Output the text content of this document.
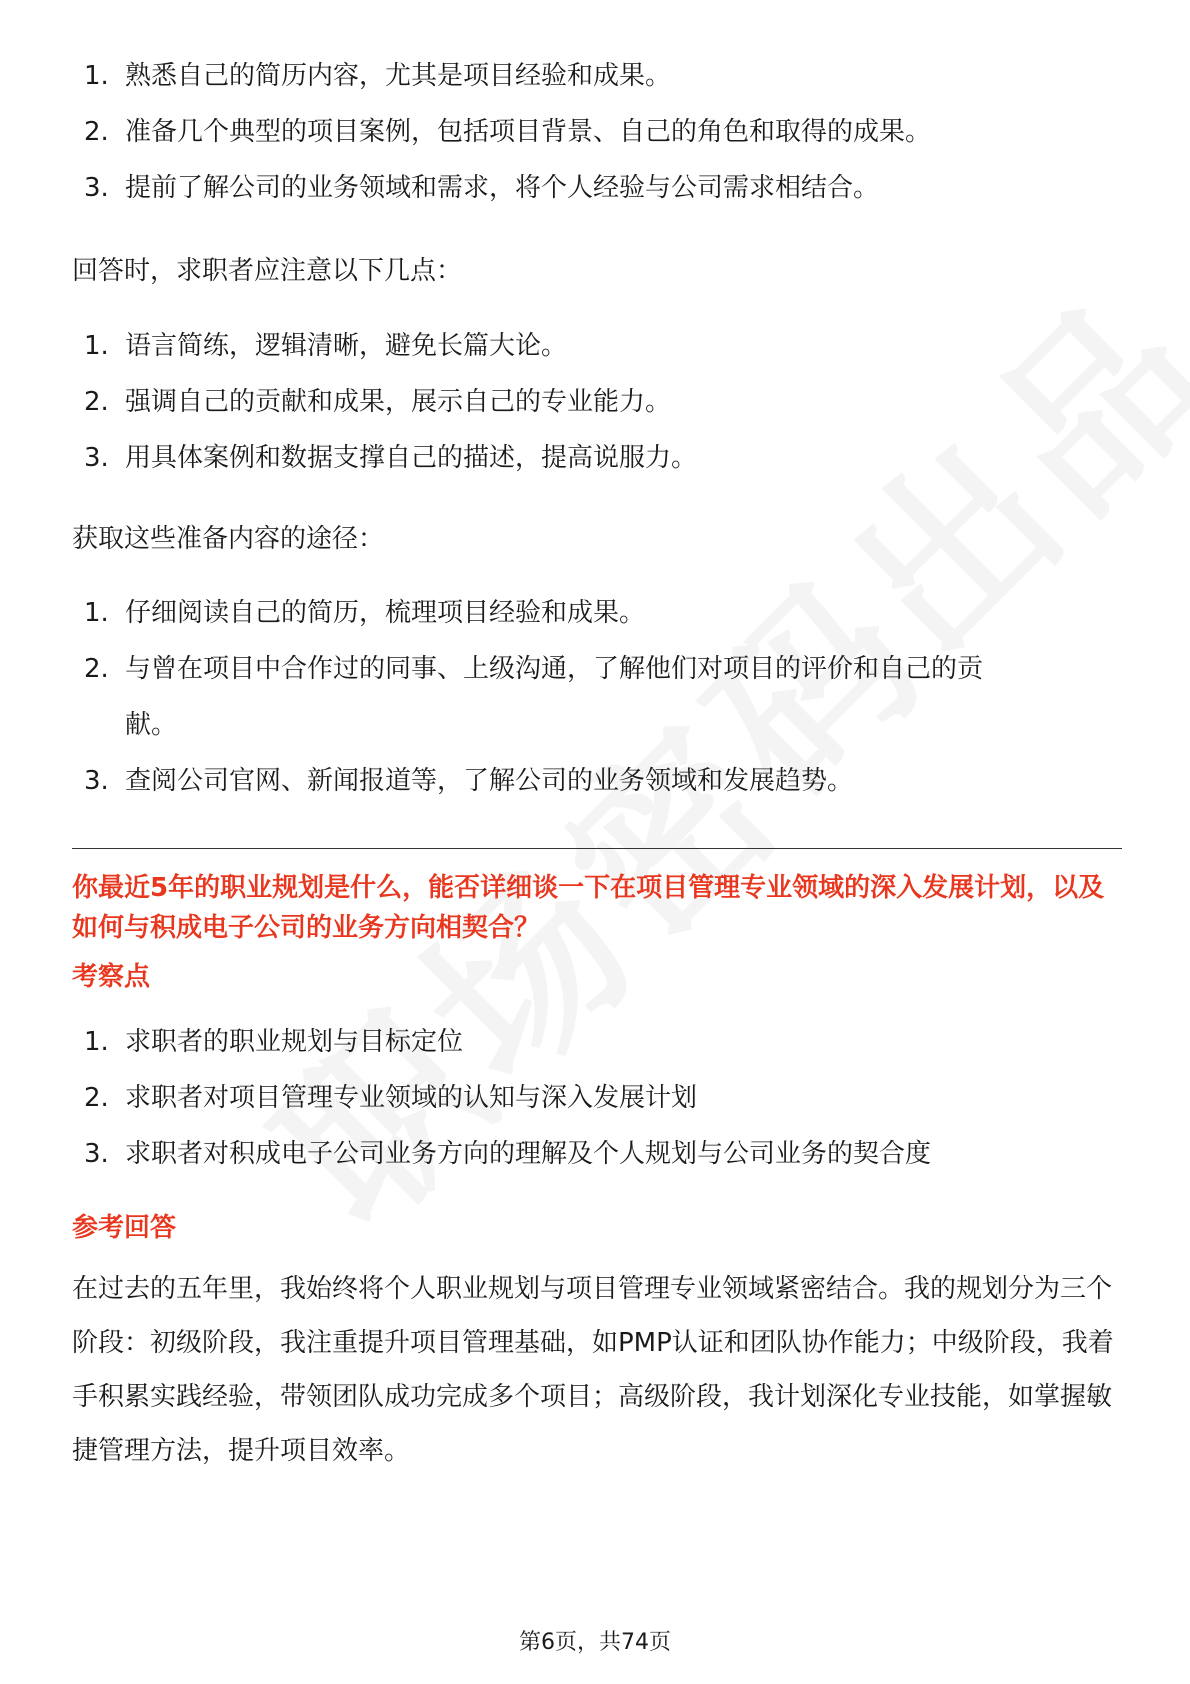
1. 熟悉自己的简历内容，尤其是项目经验和成果。
2. 准备几个典型的项目案例，包括项目背景、自己的角色和取得的成果。
3. 提前了解公司的业务领域和需求，将个人经验与公司需求相结合。

回答时，求职者应注意以下几点：

1. 语言简练，逻辑清晰，避免长篇大论。
2. 强调自己的贡献和成果，展示自己的专业能力。
3. 用具体案例和数据支撑自己的描述，提高说服力。

获取这些准备内容的途径：

1. 仔细阅读自己的简历，梳理项目经验和成果。
2. 与曾在项目中合作过的同事、上级沟通，了解他们对项目的评价和自己的贡献。
3. 查阅公司官网、新闻报道等，了解公司的业务领域和发展趋势。

你最近5年的职业规划是什么，能否详细谈一下在项目管理专业领域的深入发展计划，以及如何与积成电子公司的业务方向相契合？

考察点

1. 求职者的职业规划与目标定位
2. 求职者对项目管理专业领域的认知与深入发展计划
3. 求职者对积成电子公司业务方向的理解及个人规划与公司业务的契合度

参考回答

在过去的五年里，我始终将个人职业规划与项目管理专业领域紧密结合。我的规划分为三个阶段：初级阶段，我注重提升项目管理基础，如PMP认证和团队协作能力；中级阶段，我着手积累实践经验，带领团队成功完成多个项目；高级阶段，我计划深化专业技能，如掌握敏捷管理方法，提升项目效率。

第6页，共74页
